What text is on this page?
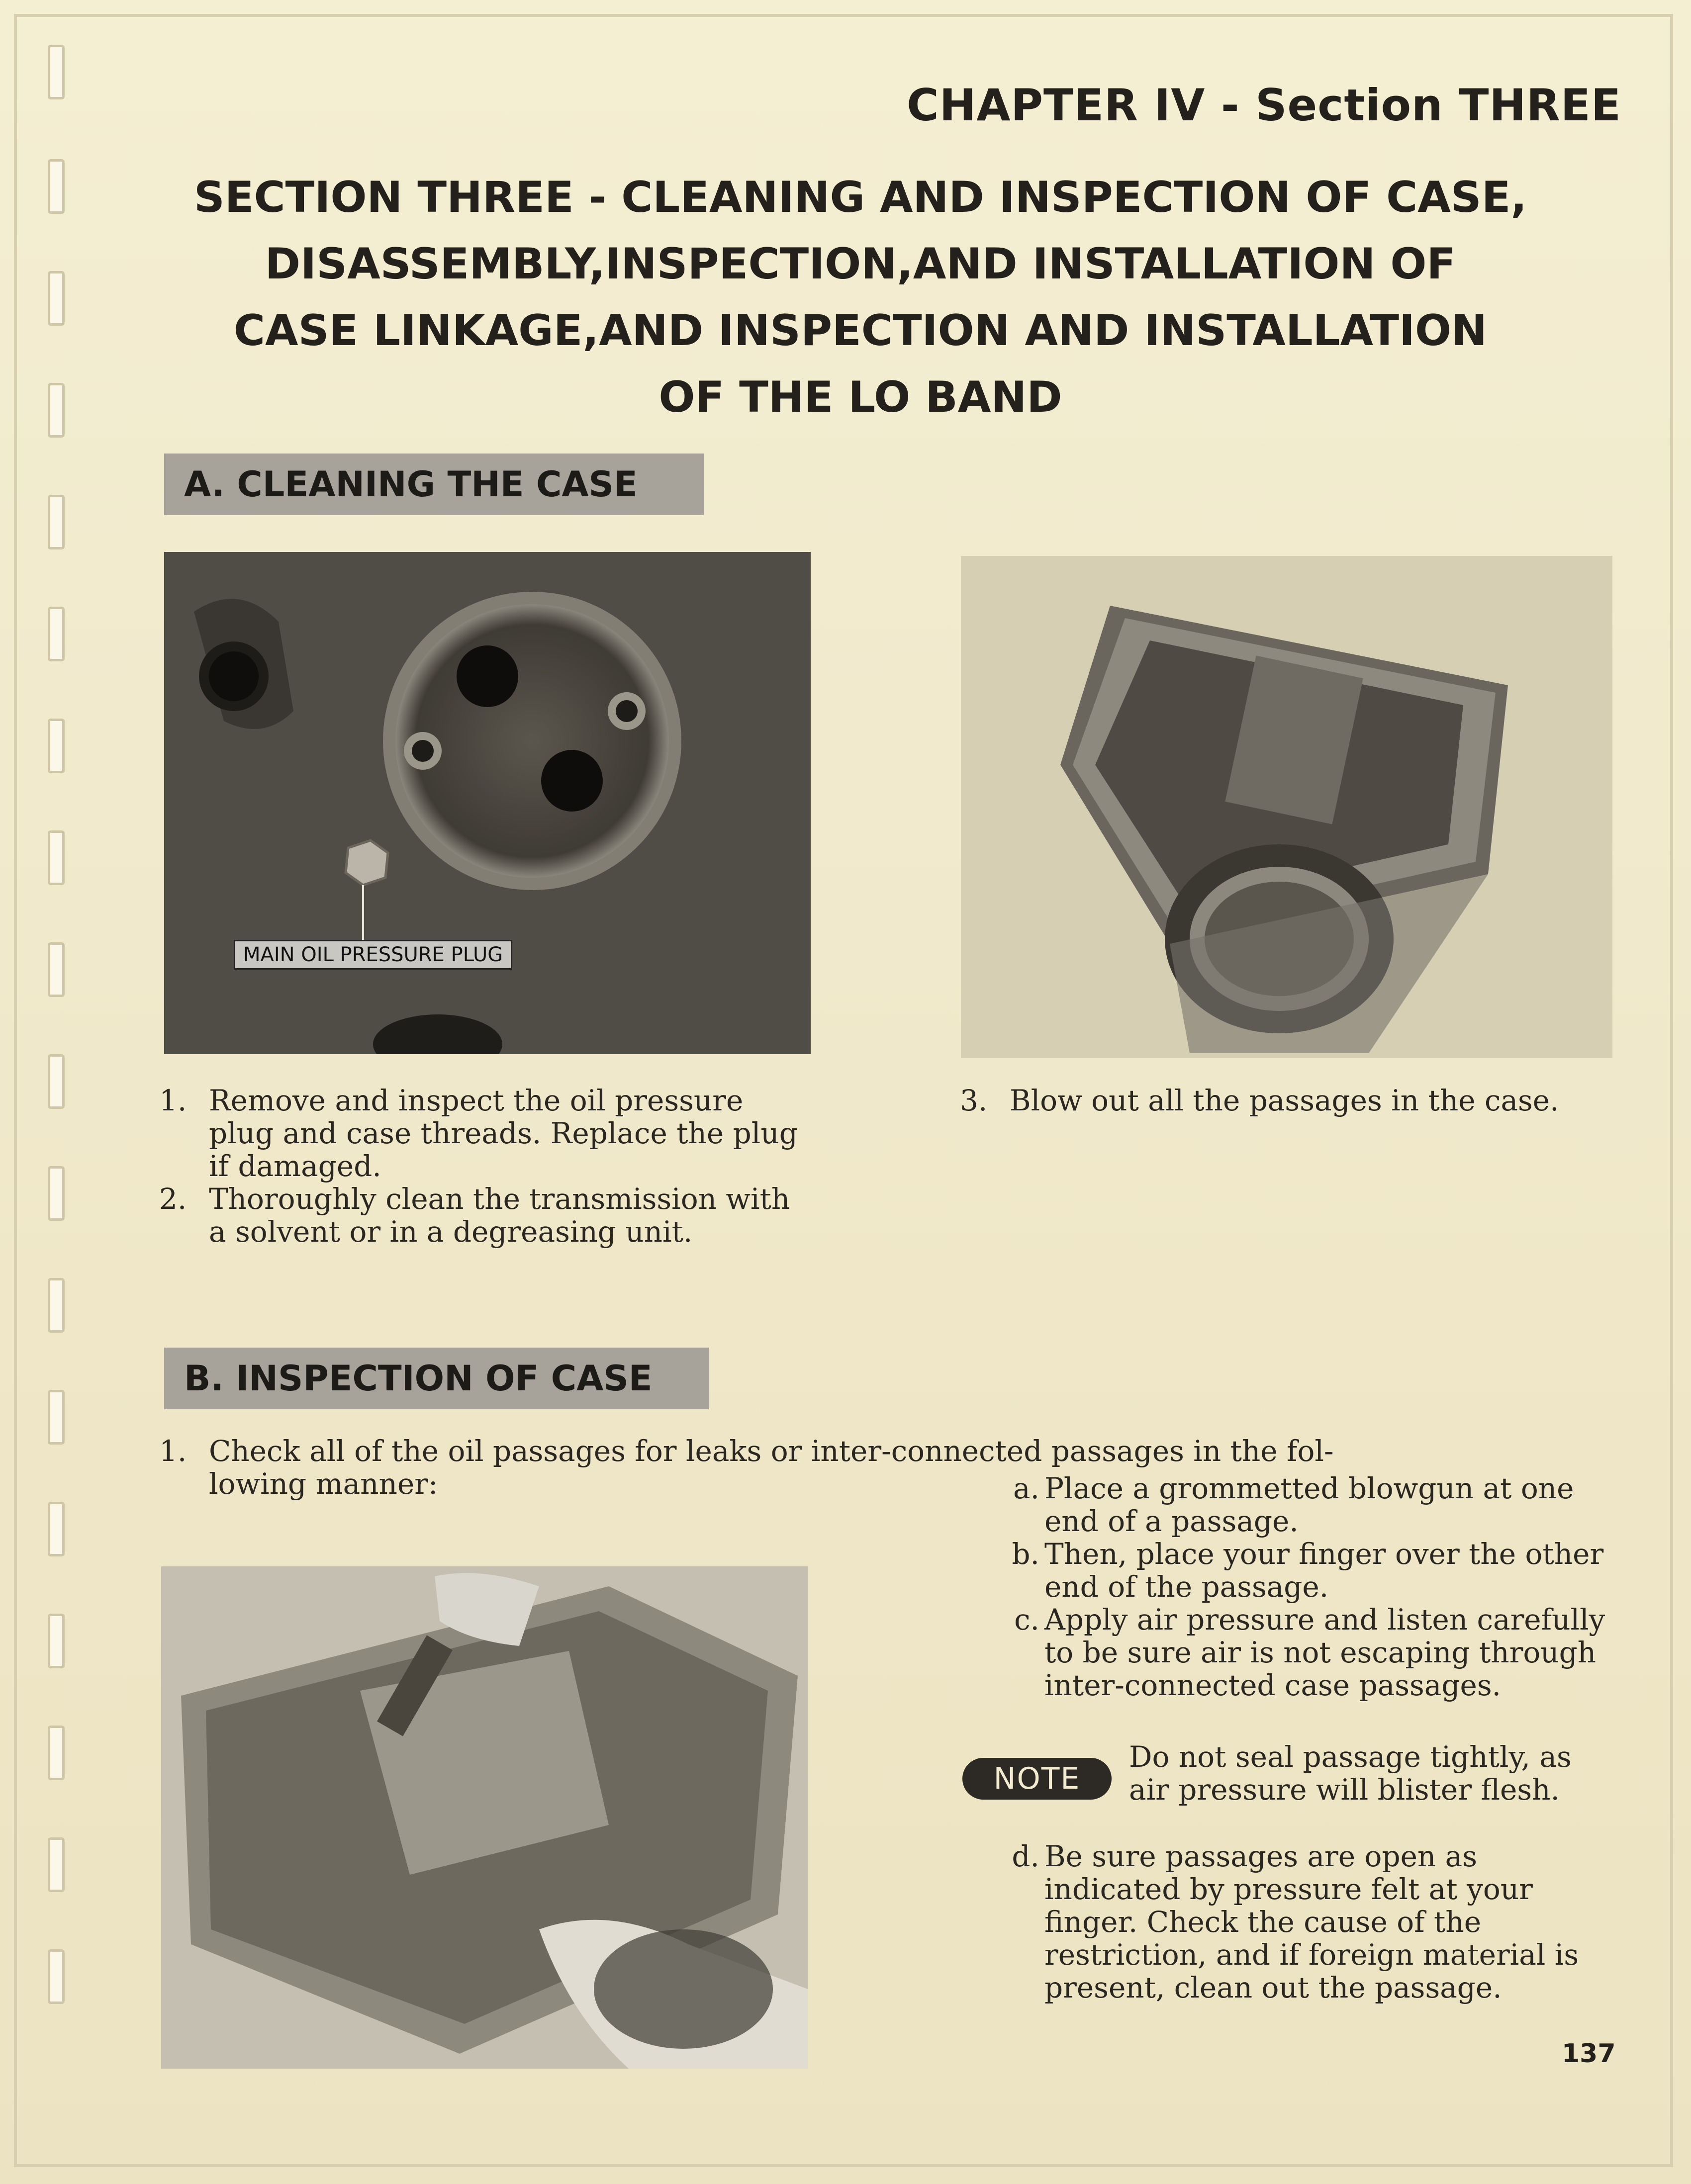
CHAPTER IV - Section THREE
SECTION THREE - CLEANING AND INSPECTION OF CASE,
DISASSEMBLY,INSPECTION,AND INSTALLATION OF
CASE LINKAGE,AND INSPECTION AND INSTALLATION
OF THE LO BAND
A. CLEANING THE CASE
MAIN OIL PRESSURE PLUG
1. Remove and inspect the oil pressure plug and case threads. Replace the plug if damaged.
2. Thoroughly clean the transmission with a solvent or in a degreasing unit.
3. Blow out all the passages in the case.
B. INSPECTION OF CASE
1. Check all of the oil passages for leaks or inter-connected passages in the fol-
lowing manner:	a. Place a grommetted blowgun at one end of a passage.
b. Then, place your finger over the other end of the passage.
c. Apply air pressure and listen carefully to be sure air is not escaping through inter-connected case passages.
NOTE
Do not seal passage tightly, as air pressure will blister flesh.
d. Be sure passages are open as indicated by pressure felt at your finger. Check the cause of the restriction, and if foreign material is present, clean out the passage.
137
